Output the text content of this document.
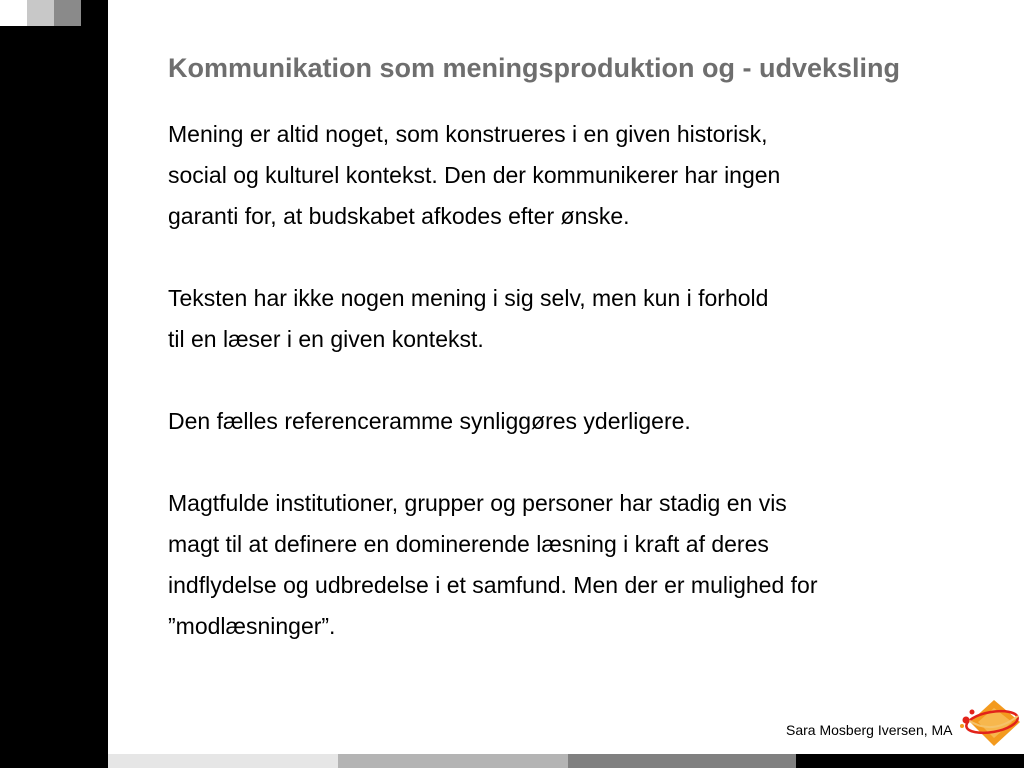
Kommunikation som meningsproduktion og - udveksling

Mening er altid noget, som konstrueres i en given historisk,
social og kulturel kontekst. Den der kommunikerer har ingen
garanti for, at budskabet afkodes efter ønske.

Teksten har ikke nogen mening i sig selv, men kun i forhold
til en læser i en given kontekst.

Den fælles referenceramme synliggøres yderligere.

Magtfulde institutioner, grupper og personer har stadig en vis
magt til at definere en dominerende læsning i kraft af deres
indflydelse og udbredelse i et samfund. Men der er mulighed for
”modlæsninger”.

Sara Mosberg Iversen, MA
